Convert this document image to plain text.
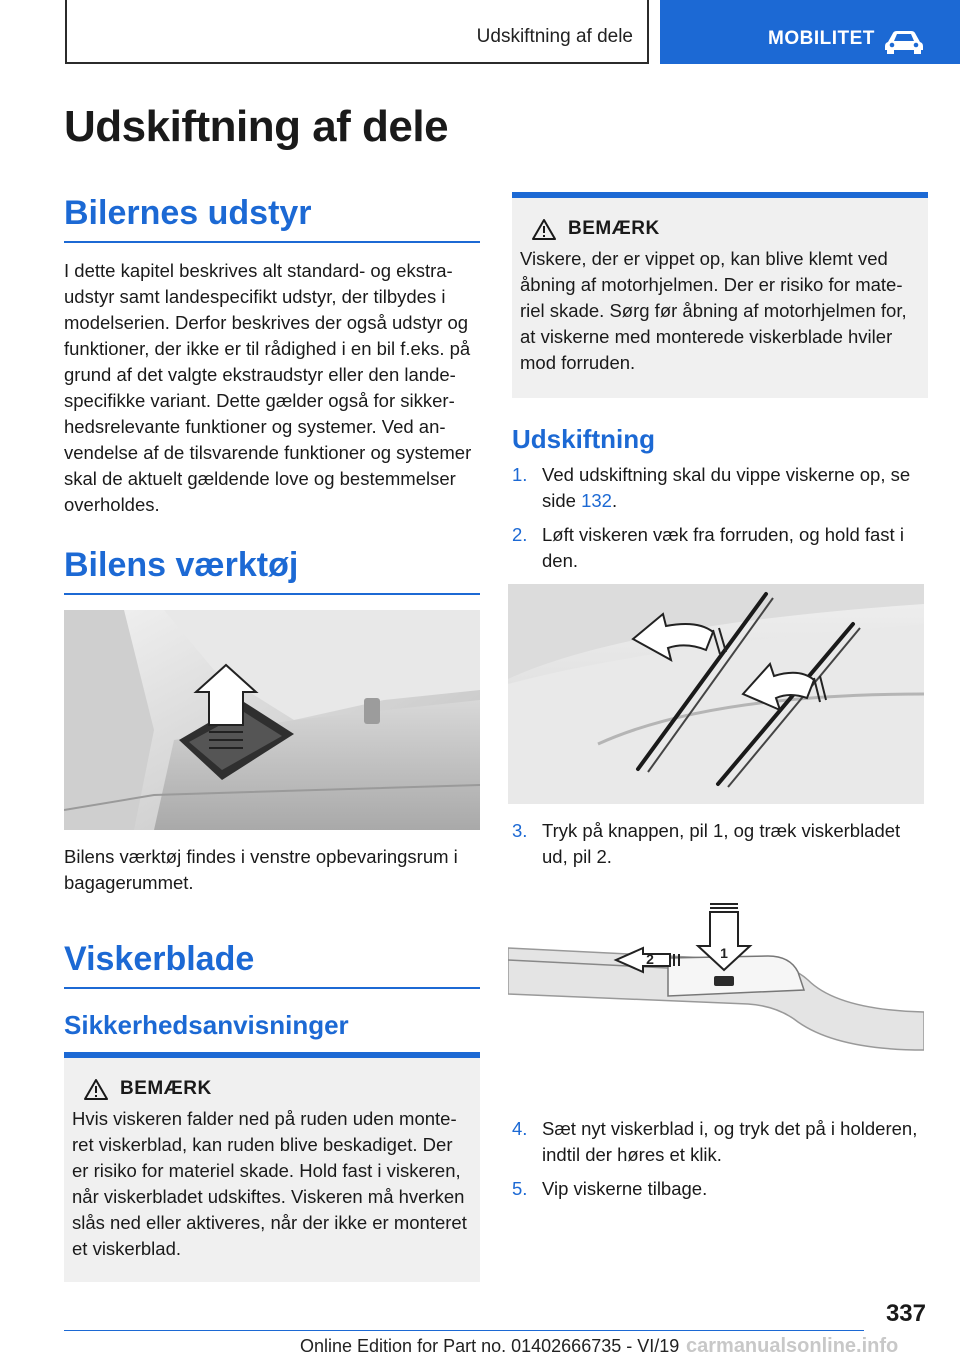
Udskiftning af dele	MOBILITET
Udskiftning af dele
Bilernes udstyr

I dette kapitel beskrives alt standard- og ekstraudstyr samt landespecifikt udstyr, der tilbydes i modelserien. Derfor beskrives der også udstyr og funktioner, der ikke er til rådighed i en bil f.eks. på grund af det valgte ekstraudstyr eller den landespecifikke variant. Dette gælder også for sikkerhedsrelevante funktioner og systemer. Ved anvendelse af de tilsvarende funktioner og systemer skal de aktuelt gældende love og bestemmelser overholdes.

Bilens værktøj

Bilens værktøj findes i venstre opbevaringsrum i bagagerummet.

Viskerblade
Sikkerhedsanvisninger
BEMÆRK
Hvis viskeren falder ned på ruden uden monteret viskerblad, kan ruden blive beskadiget. Der er risiko for materiel skade. Hold fast i viskeren, når viskerbladet udskiftes. Viskeren må hverken slås ned eller aktiveres, når der ikke er monteret et viskerblad.
BEMÆRK
Viskere, der er vippet op, kan blive klemt ved åbning af motorhjelmen. Der er risiko for materiel skade. Sørg før åbning af motorhjelmen for, at viskerne med monterede viskerblade hviler mod forruden.
Udskiftning
1. Ved udskiftning skal du vippe viskerne op, se side 132.
2. Løft viskeren væk fra forruden, og hold fast i den.
3. Tryk på knappen, pil 1, og træk viskerbladet ud, pil 2.
1
2
4. Sæt nyt viskerblad i, og tryk det på i holderen, indtil der høres et klik.
5. Vip viskerne tilbage.
337
Online Edition for Part no. 01402666735 - VI/19 carmanualsonline.info
